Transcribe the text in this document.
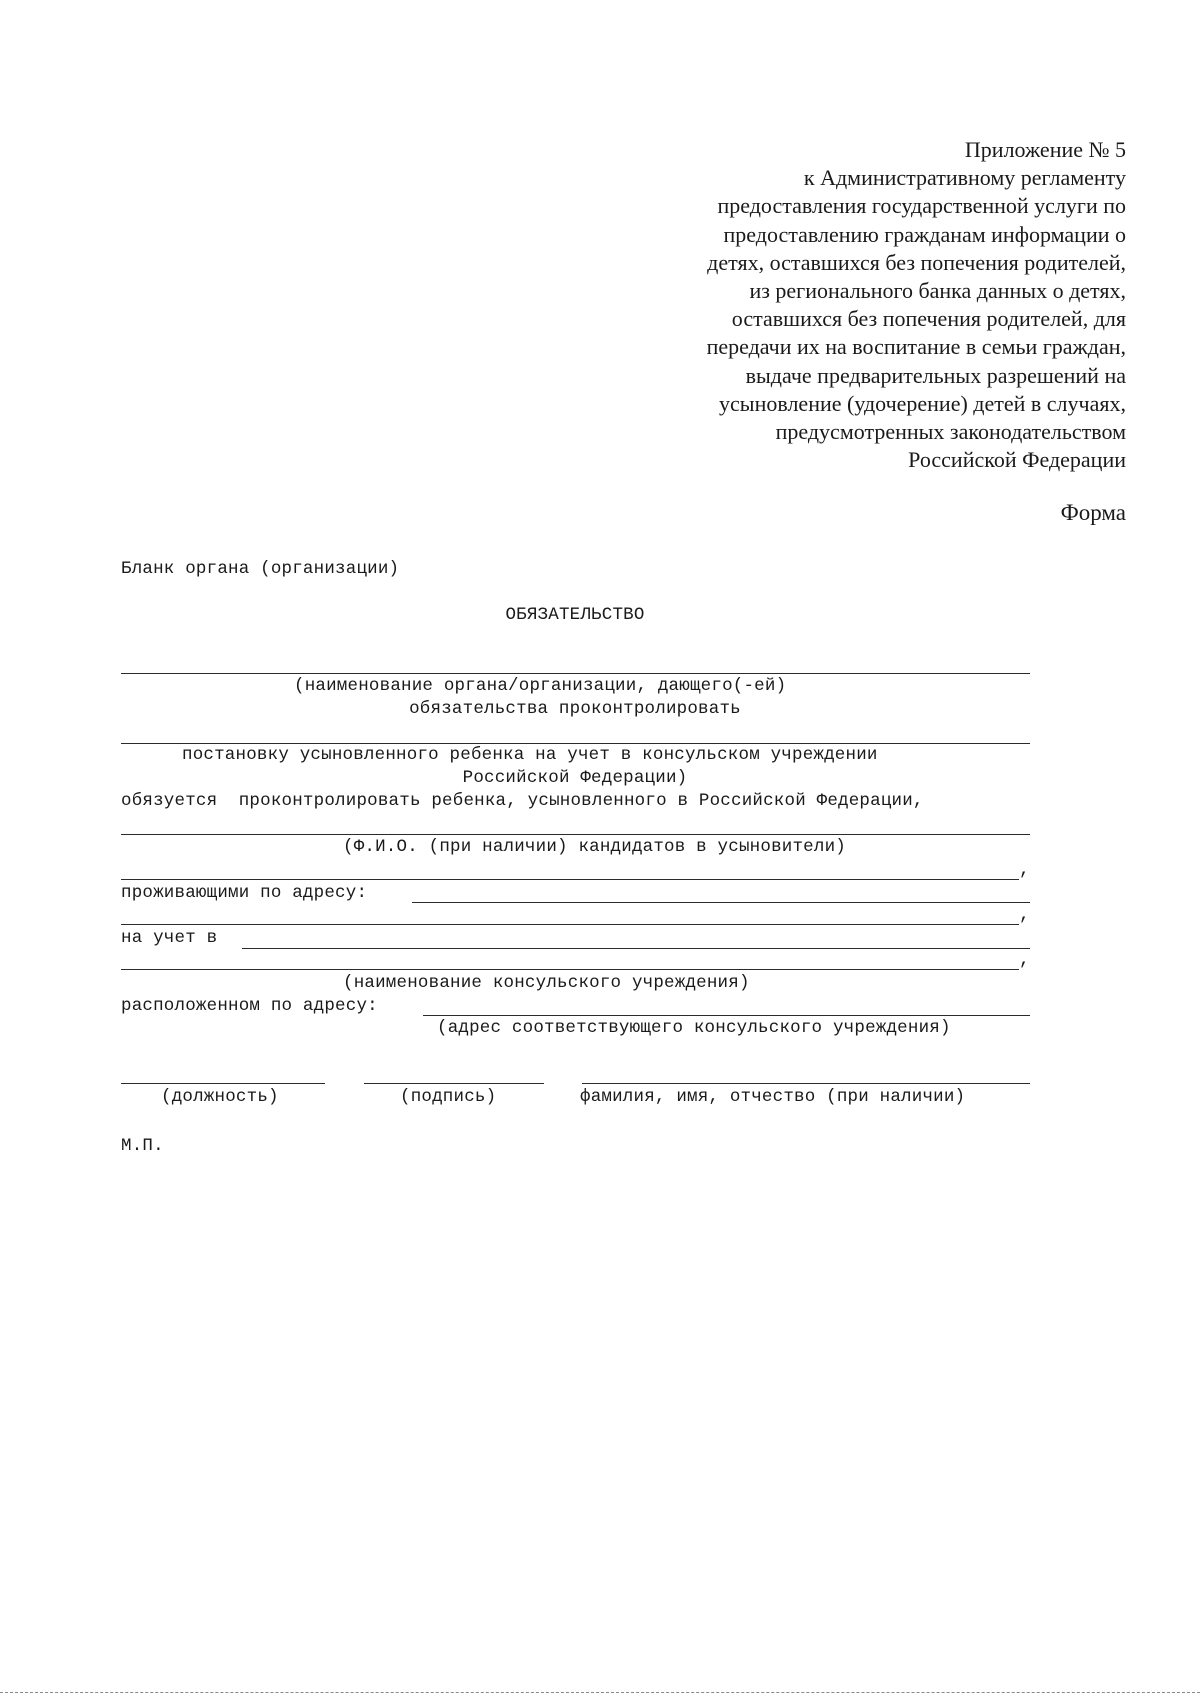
Приложение № 5
к Административному регламенту
предоставления государственной услуги по
предоставлению гражданам информации о
детях, оставшихся без попечения родителей,
из регионального банка данных о детях,
оставшихся без попечения родителей, для
передачи их на воспитание в семьи граждан,
выдаче предварительных разрешений на
усыновление (удочерение) детей в случаях,
предусмотренных законодательством
Российской Федерации
Форма
Бланк органа (организации)
ОБЯЗАТЕЛЬСТВО
(наименование органа/организации, дающего(-ей)
обязательства проконтролировать
постановку усыновленного ребенка на учет в консульском учреждении
Российской Федерации)
обязуется  проконтролировать ребенка, усыновленного в Российской Федерации,
(Ф.И.О. (при наличии) кандидатов в усыновители)
,
проживающими по адресу:
,
на учет в
,
(наименование консульского учреждения)
расположенном по адресу:
(адрес соответствующего консульского учреждения)
(должность)	(подпись)	фамилия, имя, отчество (при наличии)
М.П.
